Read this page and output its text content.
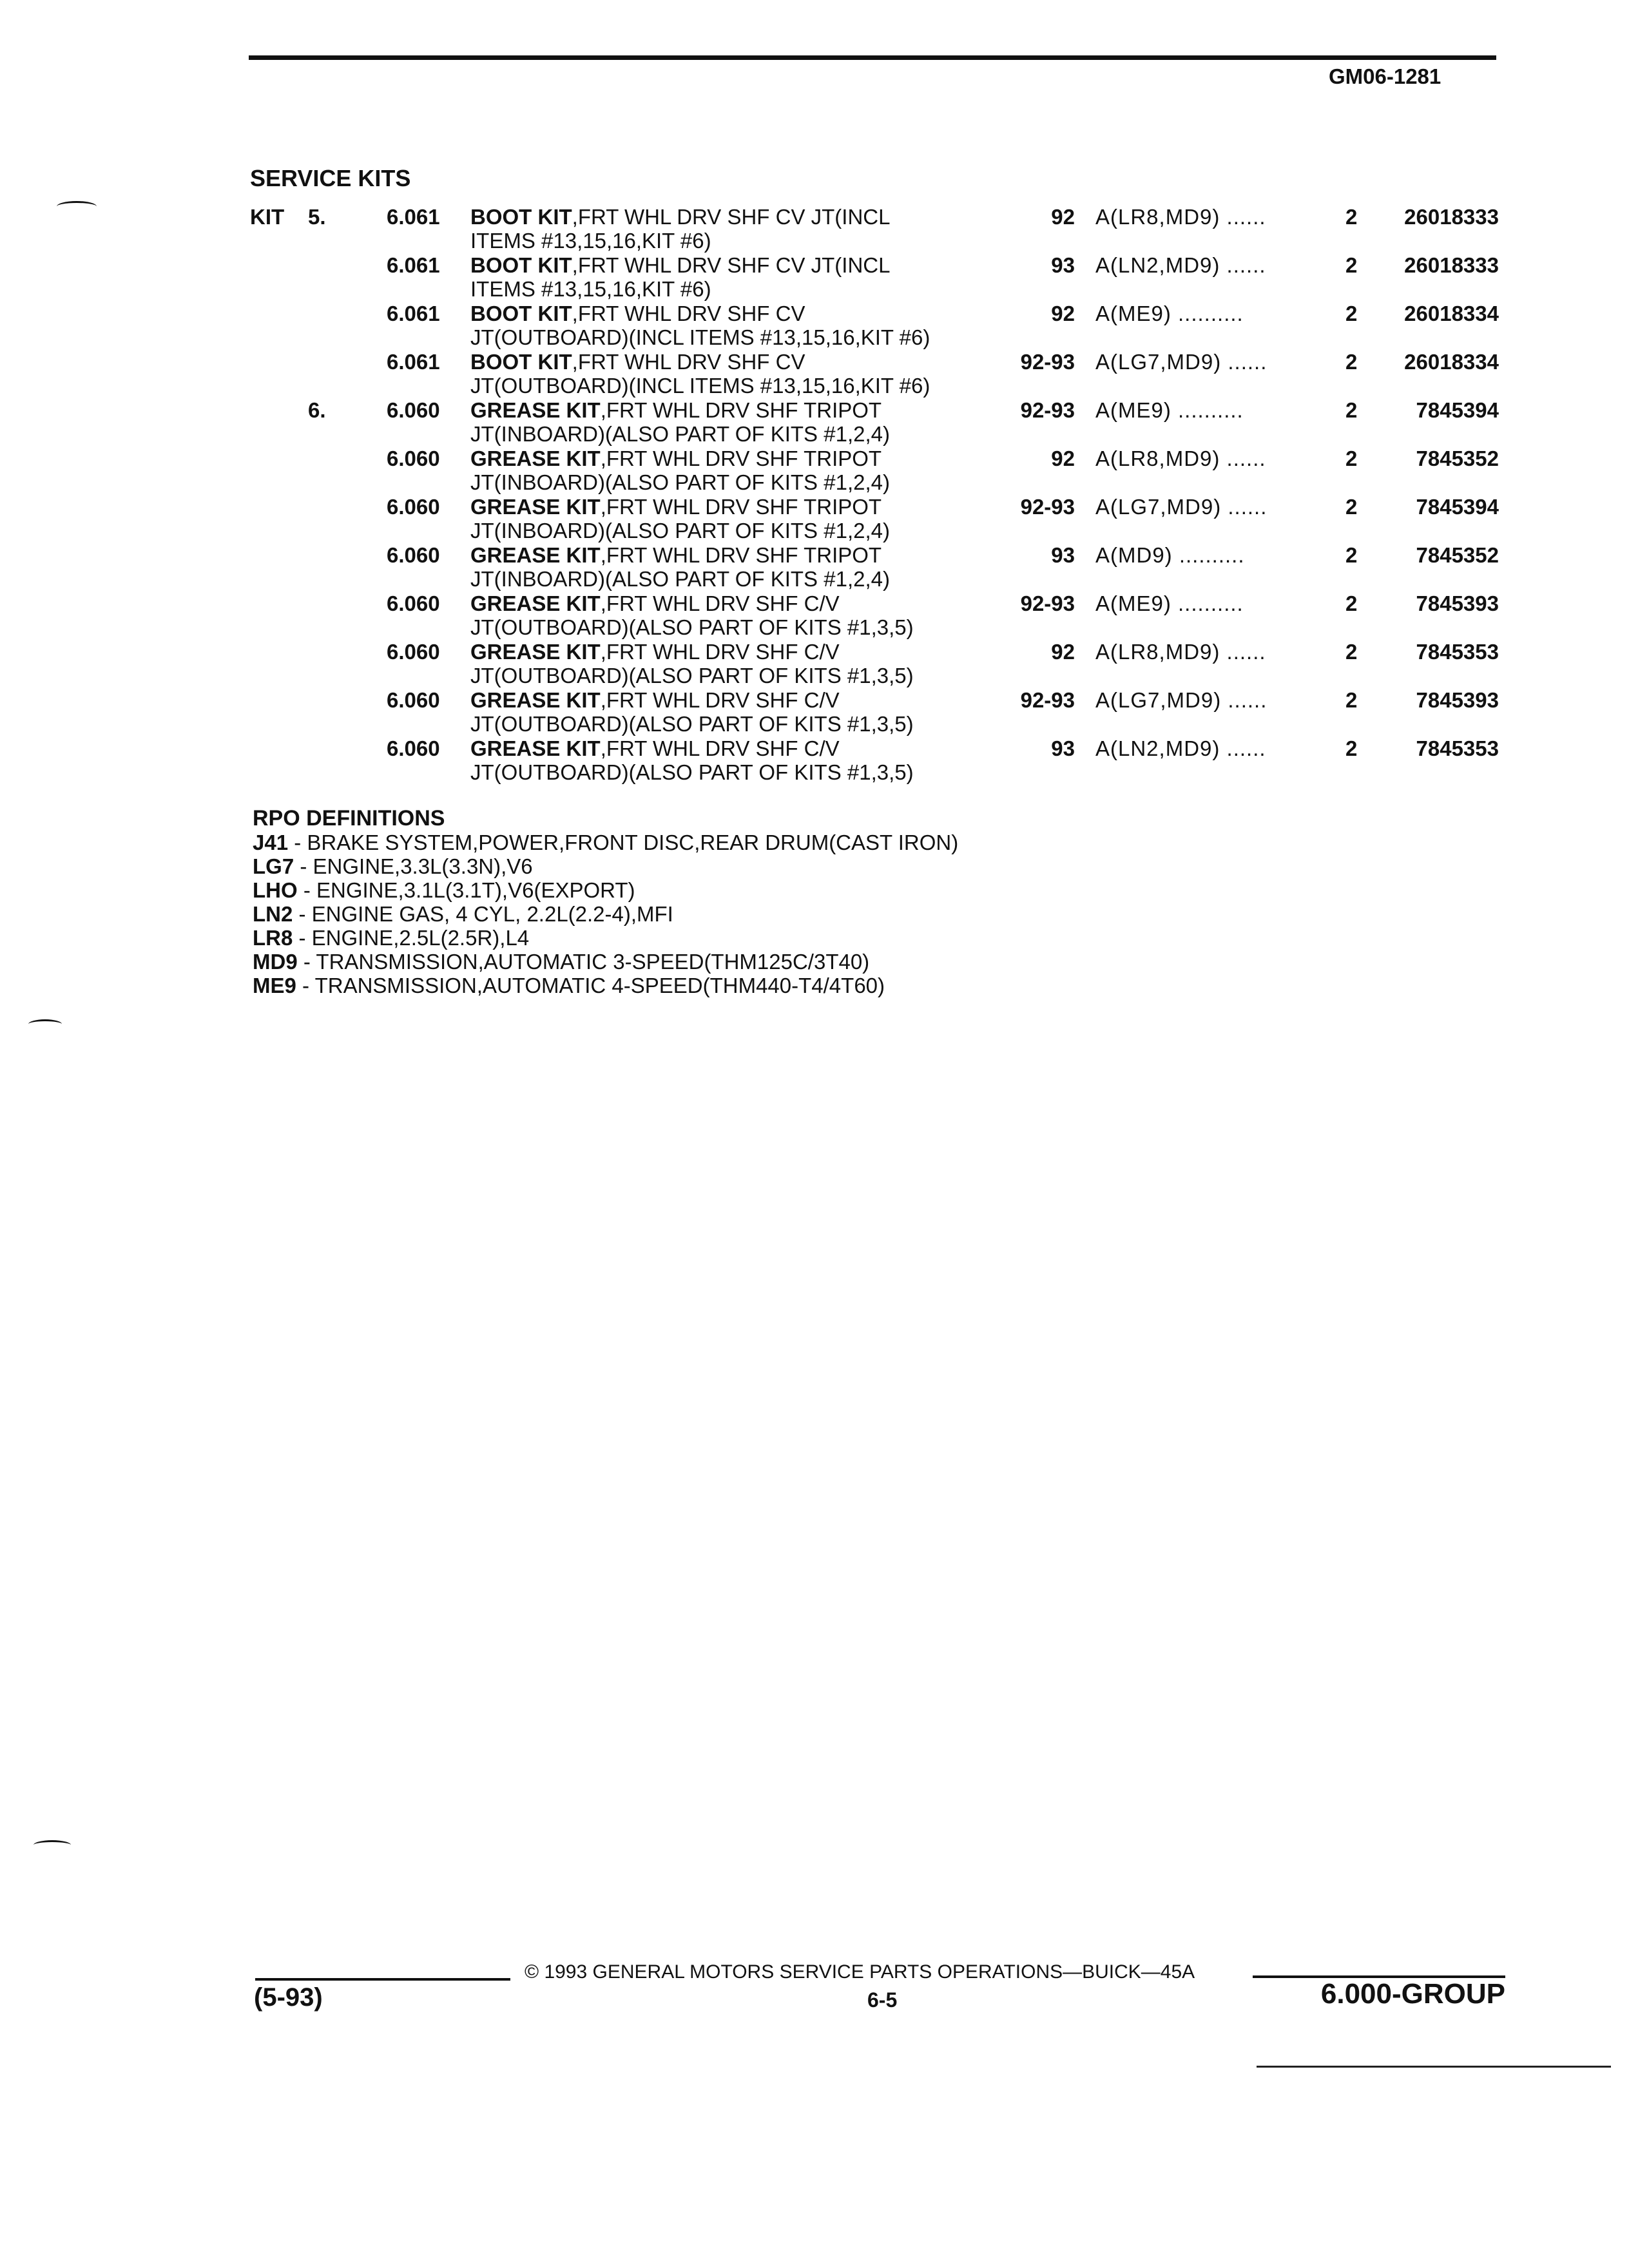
GM06-1281
SERVICE KITS
KIT 5.	6.061 BOOT KIT,FRT WHL DRV SHF CV JT(INCL
ITEMS #13,15,16,KIT #6)
92 A(LR8,MD9) ......	2 26018333
6.061 BOOT KIT,FRT WHL DRV SHF CV JT(INCL
ITEMS #13,15,16,KIT #6)
93 A(LN2,MD9) ......	2 26018333
6.061 BOOT KIT,FRT WHL DRV SHF CV
JT(OUTBOARD)(INCL ITEMS #13,15,16,KIT #6)
92 A(ME9) ..........	2 26018334
6.061 BOOT KIT,FRT WHL DRV SHF CV
JT(OUTBOARD)(INCL ITEMS #13,15,16,KIT #6)
92-93 A(LG7,MD9) ......	2 26018334
6.	6.060 GREASE KIT,FRT WHL DRV SHF TRIPOT
JT(INBOARD)(ALSO PART OF KITS #1,2,4)
92-93 A(ME9) ..........	2	7845394
6.060 GREASE KIT,FRT WHL DRV SHF TRIPOT
JT(INBOARD)(ALSO PART OF KITS #1,2,4)
92 A(LR8,MD9) ......	2	7845352
6.060 GREASE KIT,FRT WHL DRV SHF TRIPOT
JT(INBOARD)(ALSO PART OF KITS #1,2,4)
92-93 A(LG7,MD9) ......	2	7845394
6.060 GREASE KIT,FRT WHL DRV SHF TRIPOT
JT(INBOARD)(ALSO PART OF KITS #1,2,4)
93 A(MD9) ..........	2	7845352
6.060 GREASE KIT,FRT WHL DRV SHF C/V
JT(OUTBOARD)(ALSO PART OF KITS #1,3,5)
92-93 A(ME9) ..........	2	7845393
6.060 GREASE KIT,FRT WHL DRV SHF C/V
JT(OUTBOARD)(ALSO PART OF KITS #1,3,5)
92 A(LR8,MD9) ......	2	7845353
6.060 GREASE KIT,FRT WHL DRV SHF C/V
JT(OUTBOARD)(ALSO PART OF KITS #1,3,5)
92-93 A(LG7,MD9) ......	2	7845393
6.060 GREASE KIT,FRT WHL DRV SHF C/V
JT(OUTBOARD)(ALSO PART OF KITS #1,3,5)
93 A(LN2,MD9) ......	2	7845353
RPO DEFINITIONS
J41 - BRAKE SYSTEM,POWER,FRONT DISC,REAR DRUM(CAST IRON)
LG7 - ENGINE,3.3L(3.3N),V6
LHO - ENGINE,3.1L(3.1T),V6(EXPORT)
LN2 - ENGINE GAS, 4 CYL, 2.2L(2.2-4),MFI
LR8 - ENGINE,2.5L(2.5R),L4
MD9 - TRANSMISSION,AUTOMATIC 3-SPEED(THM125C/3T40)
ME9 - TRANSMISSION,AUTOMATIC 4-SPEED(THM440-T4/4T60)
© 1993 GENERAL MOTORS SERVICE PARTS OPERATIONS—BUICK—45A
(5-93)	6-5	6.000-GROUP
